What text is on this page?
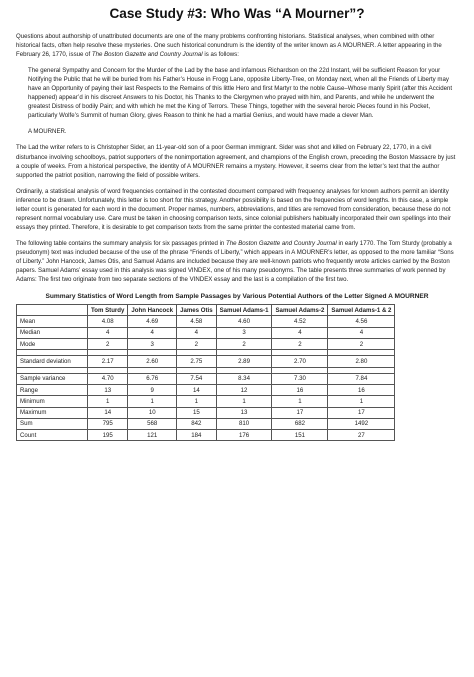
Case Study #3: Who Was “A Mourner”?

Questions about authorship of unattributed documents are one of the many problems confronting historians. Statistical analyses, when combined with other historical facts, often help resolve these mysteries. One such historical conundrum is the identity of the writer known as A MOURNER. A letter appearing in the February 26, 1770, issue of The Boston Gazette and Country Journal is as follows:

The general Sympathy and Concern for the Murder of the Lad by the base and infamous Richardson on the 22d Instant, will be sufficient Reason for your Notifying the Public that he will be buried from his Father’s House in Frogg Lane, opposite Liberty-Tree, on Monday next, when all the Friends of Liberty may have an Opportunity of paying their last Respects to the Remains of this little Hero and first Martyr to the noble Cause–Whose manly Spirit (after this Accident happened) appear’d in his discreet Answers to his Doctor, his Thanks to the Clergymen who prayed with him, and Parents, and while he underwent the greatest Distress of bodily Pain; and with which he met the King of Terrors. These Things, together with the several heroic Pieces found in his Pocket, particularly Wolfe’s Summit of human Glory, gives Reason to think he had a martial Genius, and would have made a clever Man.

A MOURNER.

The Lad the writer refers to is Christopher Sider, an 11-year-old son of a poor German immigrant. Sider was shot and killed on February 22, 1770, in a civil disturbance involving schoolboys, patriot supporters of the nonimportation agreement, and champions of the English crown, preceding the Boston Massacre by just a couple of weeks. From a historical perspective, the identity of A MOURNER remains a mystery. However, it seems clear from the letter’s text that the author supported the patriot position, narrowing the field of possible writers.

Ordinarily, a statistical analysis of word frequencies contained in the contested document compared with frequency analyses for known authors permit an identity inference to be drawn. Unfortunately, this letter is too short for this strategy. Another possibility is based on the frequencies of word lengths. In this case, a simple letter count is generated for each word in the document. Proper names, numbers, abbreviations, and titles are removed from consideration, because these do not represent normal vocabulary use. Care must be taken in choosing comparison texts, since colonial publishers habitually incorporated their own spellings into their essays they printed. Therefore, it is desirable to get comparison texts from the same printer the contested material came from.

The following table contains the summary analysis for six passages printed in The Boston Gazette and Country Journal in early 1770. The Tom Sturdy (probably a pseudonym) text was included because of the use of the phrase “Friends of Liberty,” which appears in A MOURNER’s letter, as opposed to the more familiar “Sons of Liberty.” John Hancock, James Otis, and Samuel Adams are included because they are well-known patriots who frequently wrote articles carried by the Boston papers. Samuel Adams’ essay used in this analysis was signed VINDEX, one of his many pseudonyms. The table presents three summaries of work penned by Adams: The first two originate from two separate sections of the VINDEX essay and the last is a compilation of the first two.

Summary Statistics of Word Length from Sample Passages by Various Potential Authors of the Letter Signed A MOURNER
	Tom Sturdy	John Hancock	James Otis	Samuel Adams-1	Samuel Adams-2	Samuel Adams-1 & 2
Mean	4.08	4.69	4.58	4.60	4.52	4.56
Median	4	4	4	3	4	4
Mode	2	3	2	2	2	2

Standard deviation	2.17	2.60	2.75	2.89	2.70	2.80

Sample variance	4.70	6.76	7.54	8.34	7.30	7.84
Range	13	9	14	12	16	16
Minimum	1	1	1	1	1	1
Maximum	14	10	15	13	17	17
Sum	795	568	842	810	682	1492
Count	195	121	184	176	151	27
